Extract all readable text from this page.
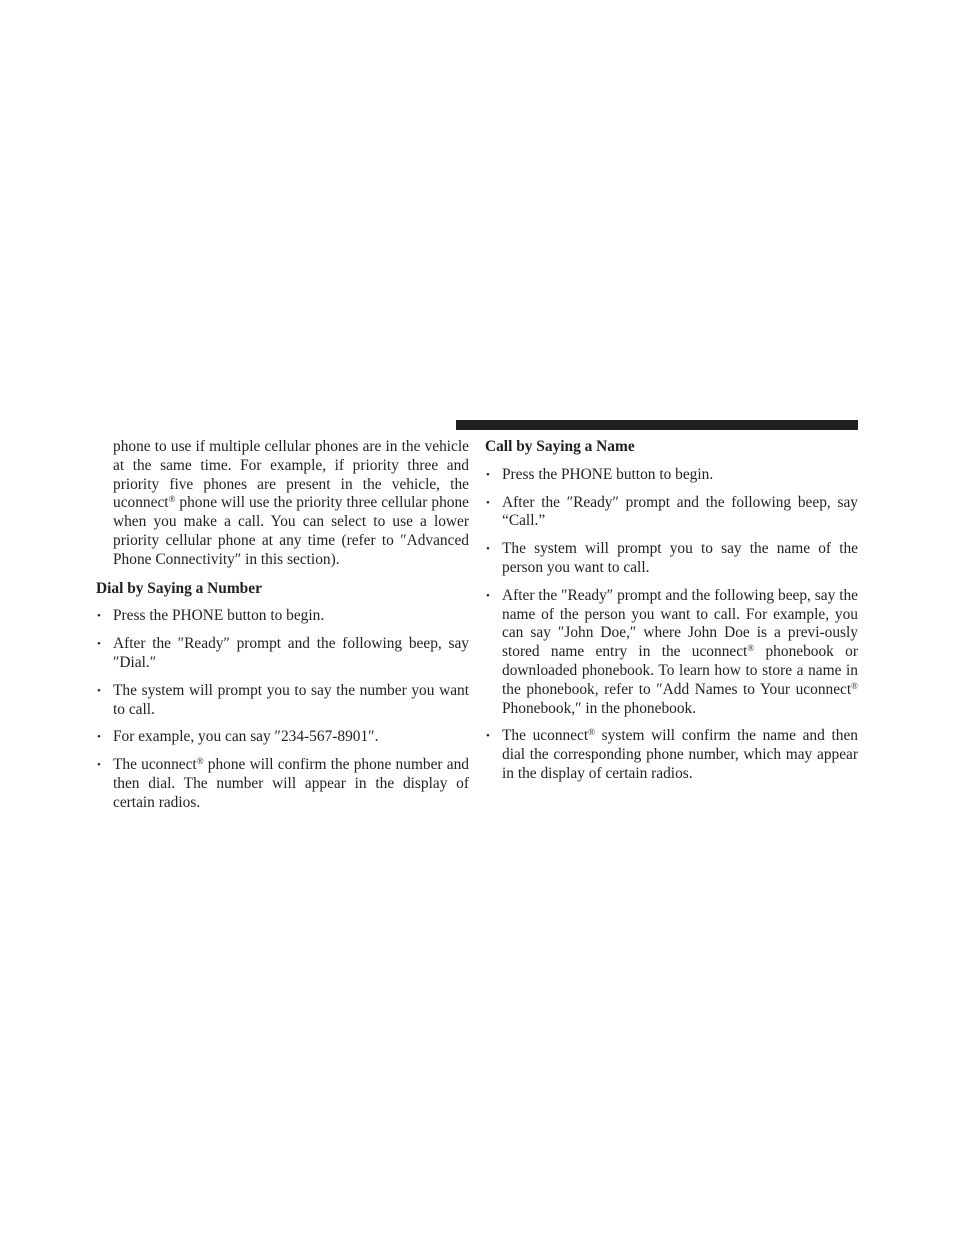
phone to use if multiple cellular phones are in the vehicle at the same time. For example, if priority three and priority five phones are present in the vehicle, the uconnect® phone will use the priority three cellular phone when you make a call. You can select to use a lower priority cellular phone at any time (refer to ″Advanced Phone Connectivity″ in this section).

Dial by Saying a Number
• Press the PHONE button to begin.
• After the ″Ready″ prompt and the following beep, say ″Dial.″
• The system will prompt you to say the number you want to call.
• For example, you can say ″234-567-8901″.
• The uconnect® phone will confirm the phone number and then dial. The number will appear in the display of certain radios.
Call by Saying a Name
• Press the PHONE button to begin.
• After the ″Ready″ prompt and the following beep, say “Call.”
• The system will prompt you to say the name of the person you want to call.
• After the ″Ready″ prompt and the following beep, say the name of the person you want to call. For example, you can say ″John Doe,″ where John Doe is a previ-ously stored name entry in the uconnect® phonebook or downloaded phonebook. To learn how to store a name in the phonebook, refer to ″Add Names to Your uconnect® Phonebook,″ in the phonebook.
• The uconnect® system will confirm the name and then dial the corresponding phone number, which may appear in the display of certain radios.
